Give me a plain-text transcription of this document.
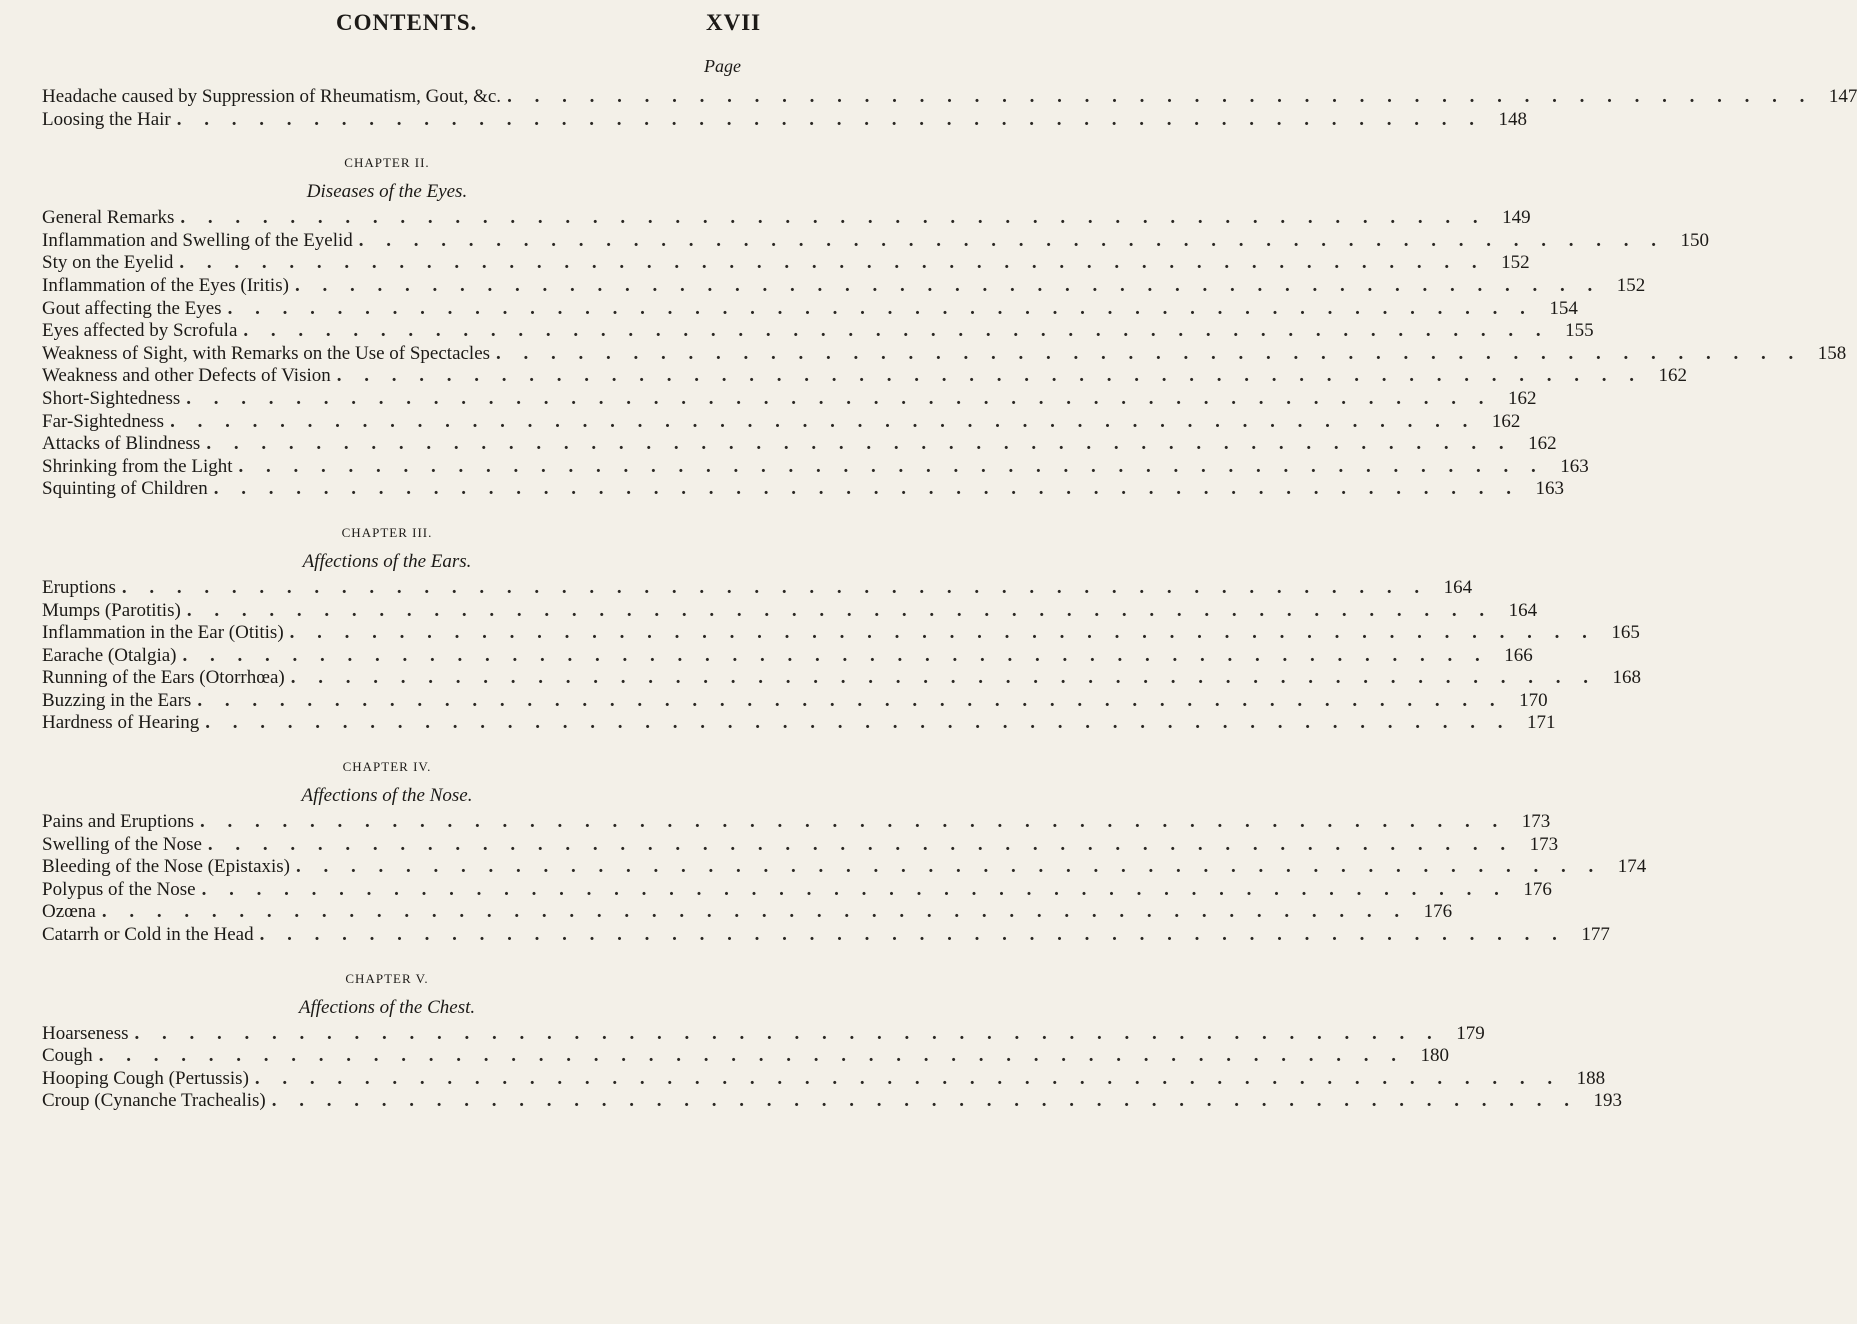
CONTENTS.	XVII
Page
Headache caused by Suppression of Rheumatism, Gout, &c. . . . . . . . . . . . . . . . . . . . . . . . . . . . . . . . . . . . . . . . . . . . . . . . . 147
Loosing the Hair . . . . . . . . . . . . . . . . . . . . . . . . . . . . . . . . . . . . . . . . . . . . . . . . 148
CHAPTER II.
Diseases of the Eyes.
General Remarks . . . . . . . . . . . . . . . . . . . . . . . . . . . . . . . . . . . . . . . . . . . . . . . . 149
Inflammation and Swelling of the Eyelid . . . . . . . . . . . . . . . . . . . . . . . . . . . . . . . . . . . . . . . . . . . . . . . . 150
Sty on the Eyelid . . . . . . . . . . . . . . . . . . . . . . . . . . . . . . . . . . . . . . . . . . . . . . . . 152
Inflammation of the Eyes (Iritis) . . . . . . . . . . . . . . . . . . . . . . . . . . . . . . . . . . . . . . . . . . . . . . . . 152
Gout affecting the Eyes . . . . . . . . . . . . . . . . . . . . . . . . . . . . . . . . . . . . . . . . . . . . . . . . 154
Eyes affected by Scrofula . . . . . . . . . . . . . . . . . . . . . . . . . . . . . . . . . . . . . . . . . . . . . . . . 155
Weakness of Sight, with Remarks on the Use of Spectacles . . . . . . . . . . . . . . . . . . . . . . . . . . . . . . . . . . . . . . . . . . . . . . . . 158
Weakness and other Defects of Vision . . . . . . . . . . . . . . . . . . . . . . . . . . . . . . . . . . . . . . . . . . . . . . . . 162
Short-Sightedness . . . . . . . . . . . . . . . . . . . . . . . . . . . . . . . . . . . . . . . . . . . . . . . . 162
Far-Sightedness . . . . . . . . . . . . . . . . . . . . . . . . . . . . . . . . . . . . . . . . . . . . . . . . 162
Attacks of Blindness . . . . . . . . . . . . . . . . . . . . . . . . . . . . . . . . . . . . . . . . . . . . . . . . 162
Shrinking from the Light . . . . . . . . . . . . . . . . . . . . . . . . . . . . . . . . . . . . . . . . . . . . . . . . 163
Squinting of Children . . . . . . . . . . . . . . . . . . . . . . . . . . . . . . . . . . . . . . . . . . . . . . . . 163
CHAPTER III.
Affections of the Ears.
Eruptions . . . . . . . . . . . . . . . . . . . . . . . . . . . . . . . . . . . . . . . . . . . . . . . . 164
Mumps (Parotitis) . . . . . . . . . . . . . . . . . . . . . . . . . . . . . . . . . . . . . . . . . . . . . . . . 164
Inflammation in the Ear (Otitis) . . . . . . . . . . . . . . . . . . . . . . . . . . . . . . . . . . . . . . . . . . . . . . . . 165
Earache (Otalgia) . . . . . . . . . . . . . . . . . . . . . . . . . . . . . . . . . . . . . . . . . . . . . . . . 166
Running of the Ears (Otorrhœa) . . . . . . . . . . . . . . . . . . . . . . . . . . . . . . . . . . . . . . . . . . . . . . . . 168
Buzzing in the Ears . . . . . . . . . . . . . . . . . . . . . . . . . . . . . . . . . . . . . . . . . . . . . . . . 170
Hardness of Hearing . . . . . . . . . . . . . . . . . . . . . . . . . . . . . . . . . . . . . . . . . . . . . . . . 171
CHAPTER IV.
Affections of the Nose.
Pains and Eruptions . . . . . . . . . . . . . . . . . . . . . . . . . . . . . . . . . . . . . . . . . . . . . . . . 173
Swelling of the Nose . . . . . . . . . . . . . . . . . . . . . . . . . . . . . . . . . . . . . . . . . . . . . . . . 173
Bleeding of the Nose (Epistaxis) . . . . . . . . . . . . . . . . . . . . . . . . . . . . . . . . . . . . . . . . . . . . . . . . 174
Polypus of the Nose . . . . . . . . . . . . . . . . . . . . . . . . . . . . . . . . . . . . . . . . . . . . . . . . 176
Ozœna . . . . . . . . . . . . . . . . . . . . . . . . . . . . . . . . . . . . . . . . . . . . . . . . 176
Catarrh or Cold in the Head . . . . . . . . . . . . . . . . . . . . . . . . . . . . . . . . . . . . . . . . . . . . . . . . 177
CHAPTER V.
Affections of the Chest.
Hoarseness . . . . . . . . . . . . . . . . . . . . . . . . . . . . . . . . . . . . . . . . . . . . . . . . 179
Cough . . . . . . . . . . . . . . . . . . . . . . . . . . . . . . . . . . . . . . . . . . . . . . . . 180
Hooping Cough (Pertussis) . . . . . . . . . . . . . . . . . . . . . . . . . . . . . . . . . . . . . . . . . . . . . . . . 188
Croup (Cynanche Trachealis) . . . . . . . . . . . . . . . . . . . . . . . . . . . . . . . . . . . . . . . . . . . . . . . . 193
